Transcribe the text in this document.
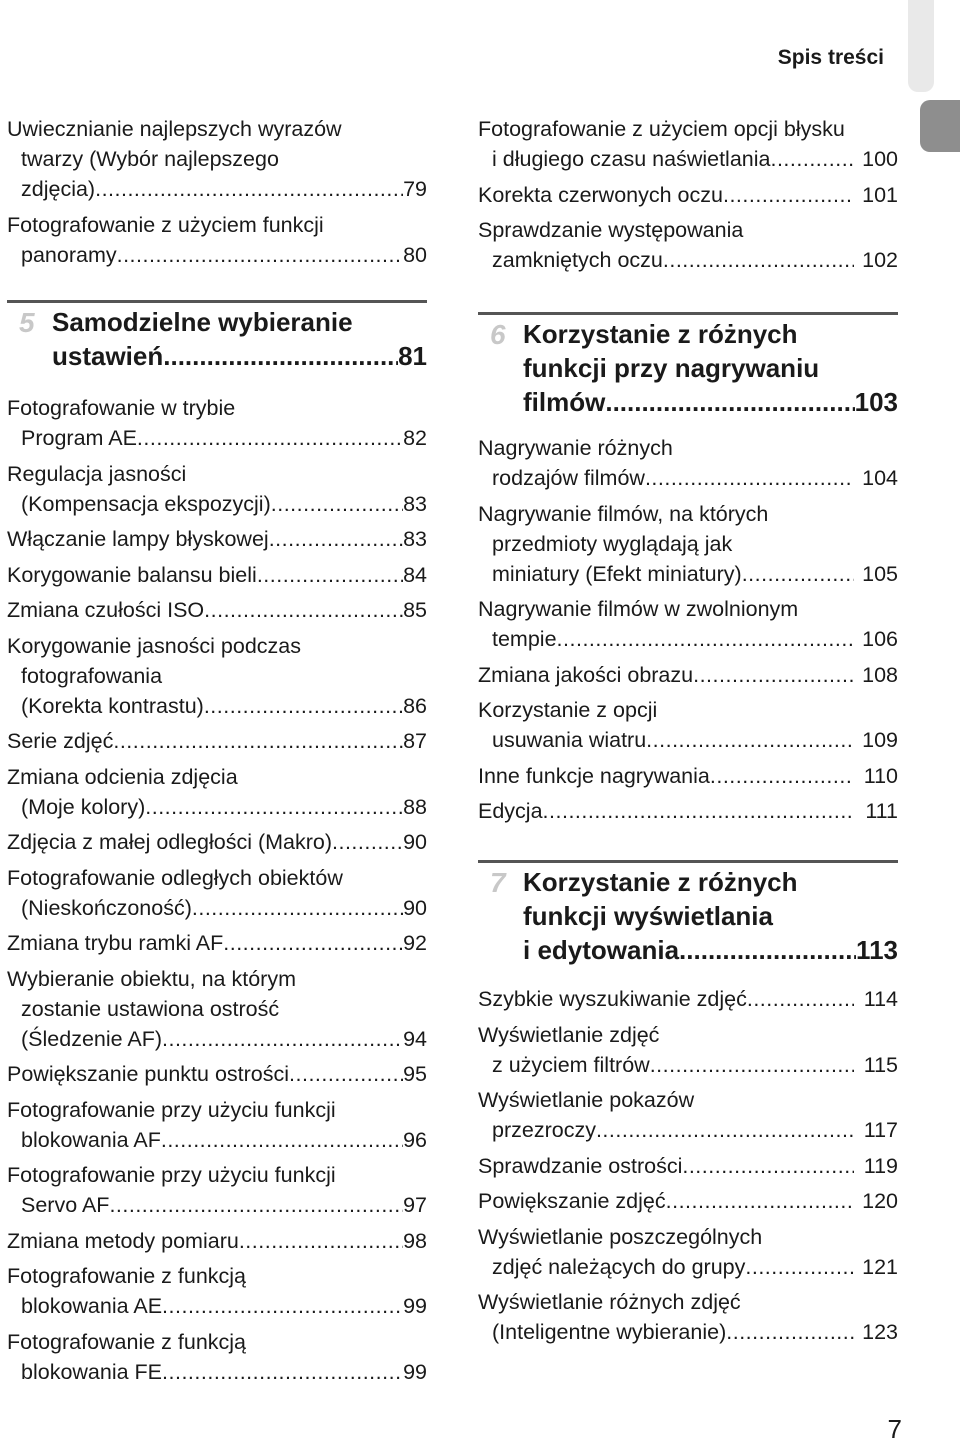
Spis treści
Uwiecznianie najlepszych wyrazów
twarzy (Wybór najlepszego
zdjęcia) .....	79
Fotografowanie z użyciem funkcji
panoramy .....	80
5 Samodzielne wybieranie
ustawień .....	81
Fotografowanie w trybie
Program AE .....	82
Regulacja jasności
(Kompensacja ekspozycji) .....	83
Włączanie lampy błyskowej .....	83
Korygowanie balansu bieli .....	84
Zmiana czułości ISO .....	85
Korygowanie jasności podczas
fotografowania
(Korekta kontrastu) .....	86
Serie zdjęć .....	87
Zmiana odcienia zdjęcia
(Moje kolory) .....	88
Zdjęcia z małej odległości (Makro) .....	90
Fotografowanie odległych obiektów
(Nieskończoność) .....	90
Zmiana trybu ramki AF .....	92
Wybieranie obiektu, na którym
zostanie ustawiona ostrość
(Śledzenie AF) .....	94
Powiększanie punktu ostrości .....	95
Fotografowanie przy użyciu funkcji
blokowania AF .....	96
Fotografowanie przy użyciu funkcji
Servo AF .....	97
Zmiana metody pomiaru .....	98
Fotografowanie z funkcją
blokowania AE .....	99
Fotografowanie z funkcją
blokowania FE .....	99
Fotografowanie z użyciem opcji błysku
i długiego czasu naświetlania .....	100
Korekta czerwonych oczu .....	101
Sprawdzanie występowania
zamkniętych oczu .....	102
6 Korzystanie z różnych
funkcji przy nagrywaniu
filmów .....	103
Nagrywanie różnych
rodzajów filmów .....	104
Nagrywanie filmów, na których
przedmioty wyglądają jak
miniatury (Efekt miniatury) .....	105
Nagrywanie filmów w zwolnionym
tempie .....	106
Zmiana jakości obrazu .....	108
Korzystanie z opcji
usuwania wiatru .....	109
Inne funkcje nagrywania .....	110
Edycja .....	111
7 Korzystanie z różnych
funkcji wyświetlania
i edytowania .....	113
Szybkie wyszukiwanie zdjęć .....	114
Wyświetlanie zdjęć
z użyciem filtrów .....	115
Wyświetlanie pokazów
przezroczy .....	117
Sprawdzanie ostrości .....	119
Powiększanie zdjęć .....	120
Wyświetlanie poszczególnych
zdjęć należących do grupy .....	121
Wyświetlanie różnych zdjęć
(Inteligentne wybieranie) .....	123
7
